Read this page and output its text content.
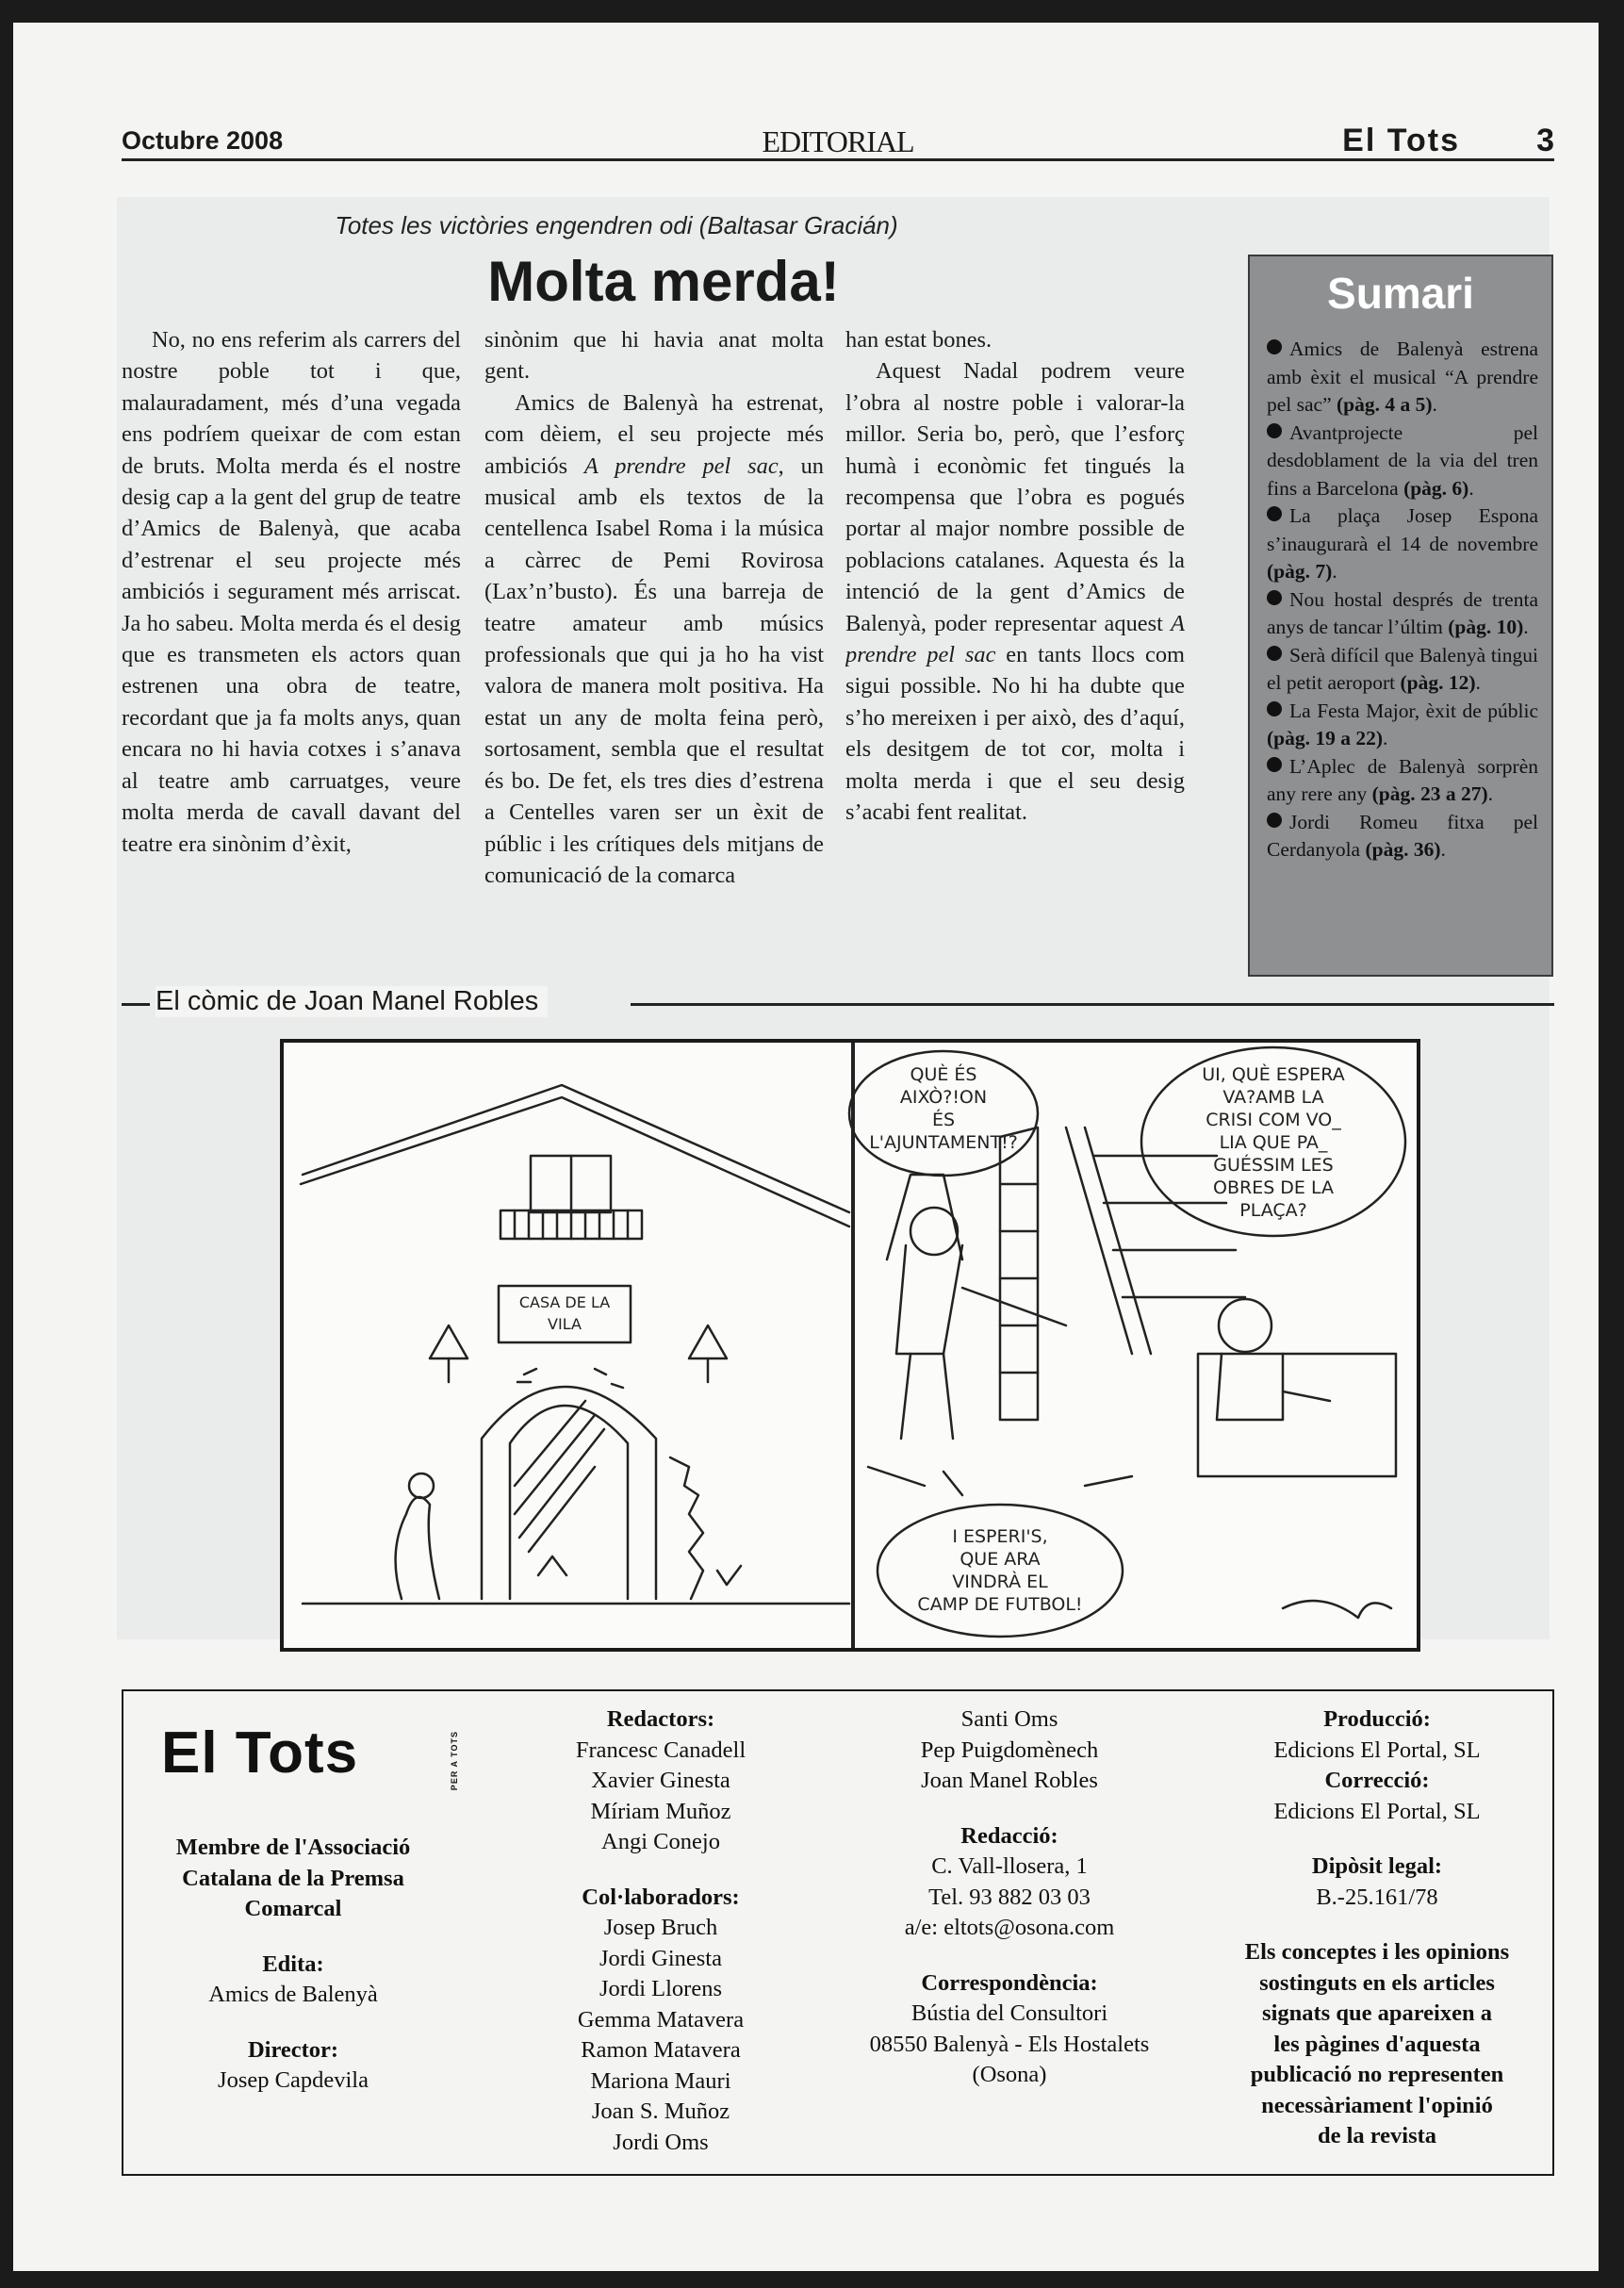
Octubre 2008	EDITORIAL	El Tots 3
Totes les victòries engendren odi (Baltasar Gracián)
Molta merda!

No, no ens referim als carrers del nostre poble tot i que, malauradament, més d’una vegada ens podríem queixar de com estan de bruts. Molta merda és el nostre desig cap a la gent del grup de teatre d’Amics de Balenyà, que acaba d’estrenar el seu projecte més ambiciós i segurament més arriscat. Ja ho sabeu. Molta merda és el desig que es transmeten els actors quan estrenen una obra de teatre, recordant que ja fa molts anys, quan encara no hi havia cotxes i s’anava al teatre amb carruatges, veure molta merda de cavall davant del teatre era sinònim d’èxit,

sinònim que hi havia anat molta gent.

Amics de Balenyà ha estrenat, com dèiem, el seu projecte més ambiciós A prendre pel sac, un musical amb els textos de la centellenca Isabel Roma i la música a càrrec de Pemi Rovirosa (Lax’n’busto). És una barreja de teatre amateur amb músics professionals que qui ja ho ha vist valora de manera molt positiva. Ha estat un any de molta feina però, sortosament, sembla que el resultat és bo. De fet, els tres dies d’estrena a Centelles varen ser un èxit de públic i les crítiques dels mitjans de comunicació de la comarca

han estat bones.

Aquest Nadal podrem veure l’obra al nostre poble i valorar-la millor. Seria bo, però, que l’esforç humà i econòmic fet tingués la recompensa que l’obra es pogués portar al major nombre possible de poblacions catalanes. Aquesta és la intenció de la gent d’Amics de Balenyà, poder representar aquest A prendre pel sac en tants llocs com sigui possible. No hi ha dubte que s’ho mereixen i per això, des d’aquí, els desitgem de tot cor, molta i molta merda i que el seu desig s’acabi fent realitat.

Sumari
Amics de Balenyà estrena amb èxit el musical “A prendre pel sac” (pàg. 4 a 5).
Avantprojecte pel desdoblament de la via del tren fins a Barcelona (pàg. 6).
La plaça Josep Espona s’inaugurarà el 14 de novembre (pàg. 7).
Nou hostal després de trenta anys de tancar l’últim (pàg. 10).
Serà difícil que Balenyà tingui el petit aeroport (pàg. 12).
La Festa Major, èxit de públic (pàg. 19 a 22).
L’Aplec de Balenyà sorprèn any rere any (pàg. 23 a 27).
Jordi Romeu fitxa pel Cerdanyola (pàg. 36).
El còmic de Joan Manel Robles
CASA DE LA
VILA
QUÈ ÉS
AIXÒ?!ON
ÉS
L'AJUNTAMENT!?
UI, QUÈ ESPERA
VA?AMB LA
CRISI COM VO_
LIA QUE PA_
GUÉSSIM LES
OBRES DE LA
PLAÇA?
I ESPERI'S,
QUE ARA
VINDRÀ EL
CAMP DE FUTBOL!
El Tots	PER A TOTS
Membre de l'Associació
Catalana de la Premsa
Comarcal
Edita:
Amics de Balenyà
Director:
Josep Capdevila
Redactors:
Francesc Canadell
Xavier Ginesta
Míriam Muñoz
Angi Conejo
Col·laboradors:
Josep Bruch
Jordi Ginesta
Jordi Llorens
Gemma Matavera
Ramon Matavera
Mariona Mauri
Joan S. Muñoz
Jordi Oms
Santi Oms
Pep Puigdomènech
Joan Manel Robles
Redacció:
C. Vall-llosera, 1
Tel. 93 882 03 03
a/e: eltots@osona.com
Correspondència:
Bústia del Consultori
08550 Balenyà - Els Hostalets
(Osona)
Producció:
Edicions El Portal, SL
Correcció:
Edicions El Portal, SL
Dipòsit legal:
B.-25.161/78
Els conceptes i les opinions
sostinguts en els articles
signats que apareixen a
les pàgines d'aquesta
publicació no representen
necessàriament l'opinió
de la revista
